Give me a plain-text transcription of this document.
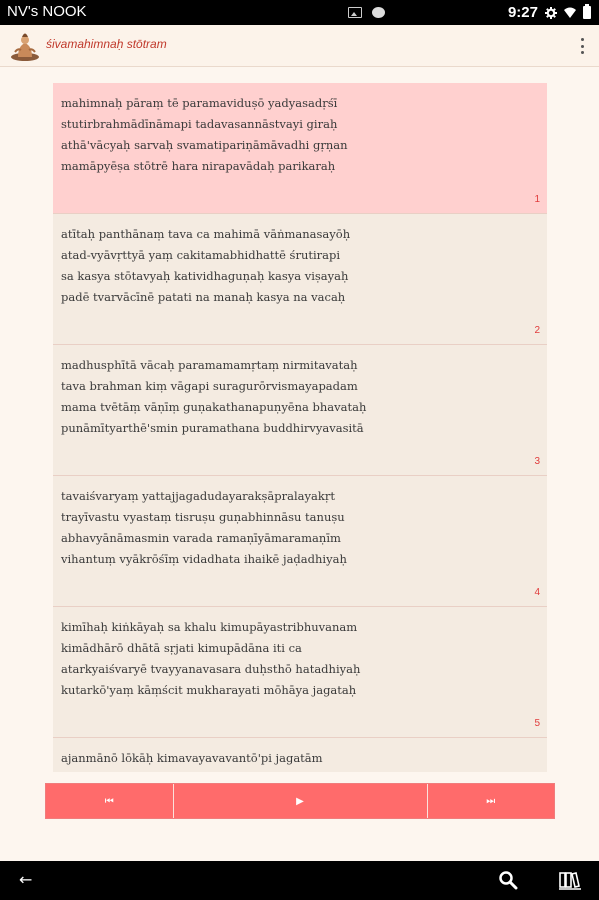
NV's NOOK	9:27
śivamahimnaḥ stōtram
mahimnaḥ pāraṃ tē paramaviduṣō yadyasadṛśī
stutirbrahmādīnāmapi tadavasannāstvayi giraḥ
athā'vācyaḥ sarvaḥ svamatipariṇāmāvadhi gṛṇan
mamāpyēṣa stōtrē hara nirapavādaḥ parikaraḥ
1
atītaḥ panthānaṃ tava ca mahimā vāṅmanasayōḥ
atad-vyāvṛttyā yaṃ cakitamabhidhattē śrutirapi
sa kasya stōtavyaḥ katividhaguṇaḥ kasya viṣayaḥ
padē tvarvācīnē patati na manaḥ kasya na vacaḥ
2
madhusphītā vācaḥ paramamamṛtaṃ nirmitavataḥ
tava brahman kiṃ vāgapi suragurōrvismayapadam
mama tvētāṃ vāṇīṃ guṇakathanapuṇyēna bhavataḥ
punāmītyarthē'smin puramathana buddhirvyavasitā
3
tavaiśvaryaṃ yattajjagadudayarakṣāpralayakṛt
trayīvastu vyastaṃ tisruṣu guṇabhinnāsu tanuṣu
abhavyānāmasmin varada ramaṇīyāmaramaṇīm
vihantuṃ vyākrōśīṃ vidadhata ihaikē jaḍadhiyaḥ
4
kimīhaḥ kiṅkāyaḥ sa khalu kimupāyastribhuvanam
kimādhārō dhātā sṛjati kimupādāna iti ca
atarkyaiśvaryē tvayyanavasara duḥsthō hatadhiyaḥ
kutarkō'yaṃ kāṃścit mukharayati mōhāya jagataḥ
5
ajanmānō lōkāḥ kimavayavavantō'pi jagatām
⏮	▶	⏭
←
